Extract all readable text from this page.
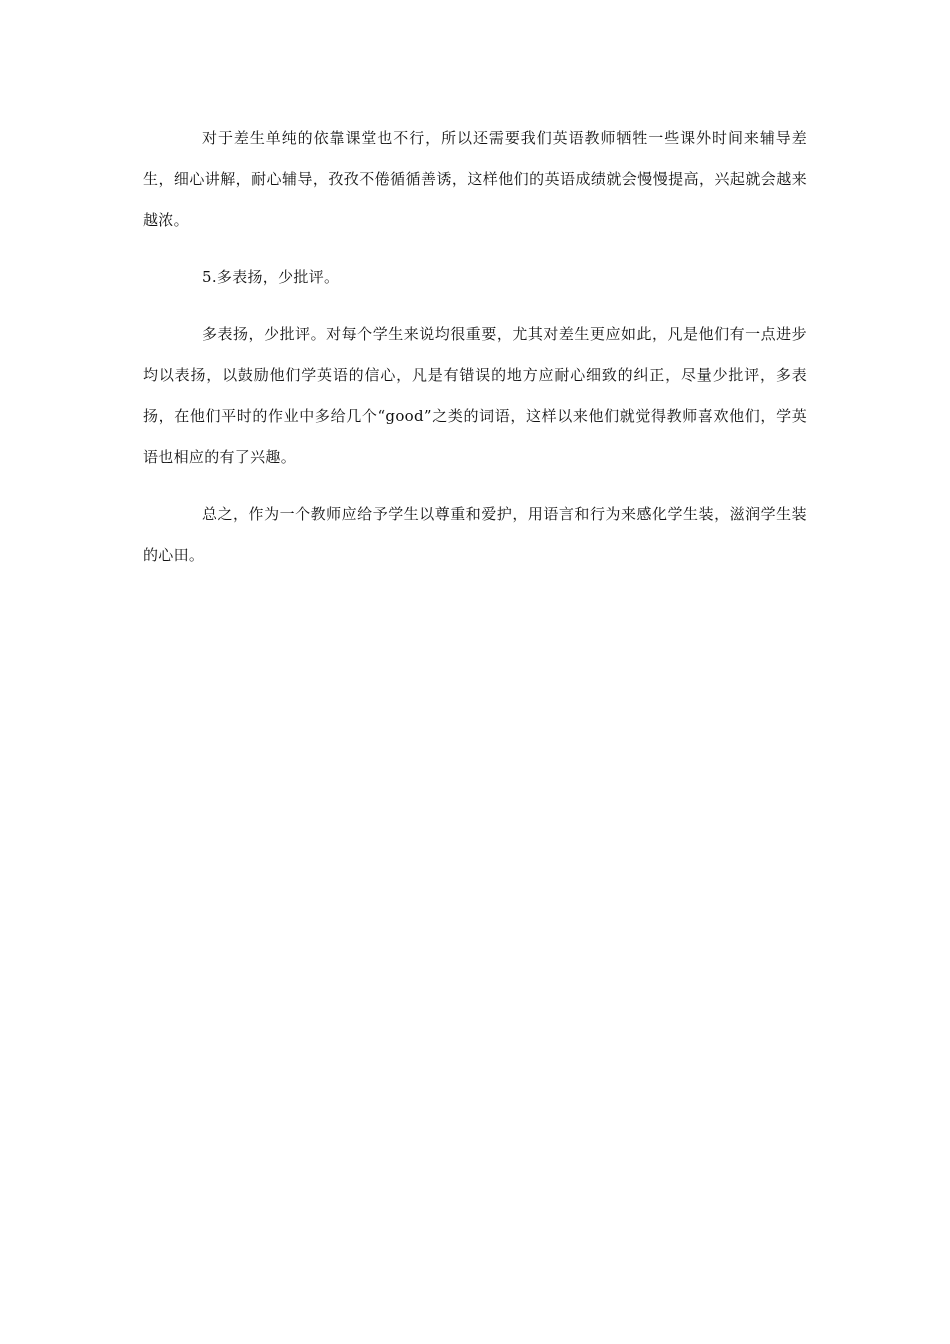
对于差生单纯的依靠课堂也不行，所以还需要我们英语教师牺牲一些课外时间来辅导差生，细心讲解，耐心辅导，孜孜不倦循循善诱，这样他们的英语成绩就会慢慢提高，兴起就会越来越浓。

5.多表扬，少批评。

多表扬，少批评。对每个学生来说均很重要，尤其对差生更应如此，凡是他们有一点进步均以表扬，以鼓励他们学英语的信心，凡是有错误的地方应耐心细致的纠正，尽量少批评，多表扬，在他们平时的作业中多给几个“good”之类的词语，这样以来他们就觉得教师喜欢他们，学英语也相应的有了兴趣。

总之，作为一个教师应给予学生以尊重和爱护，用语言和行为来感化学生装，滋润学生装的心田。
